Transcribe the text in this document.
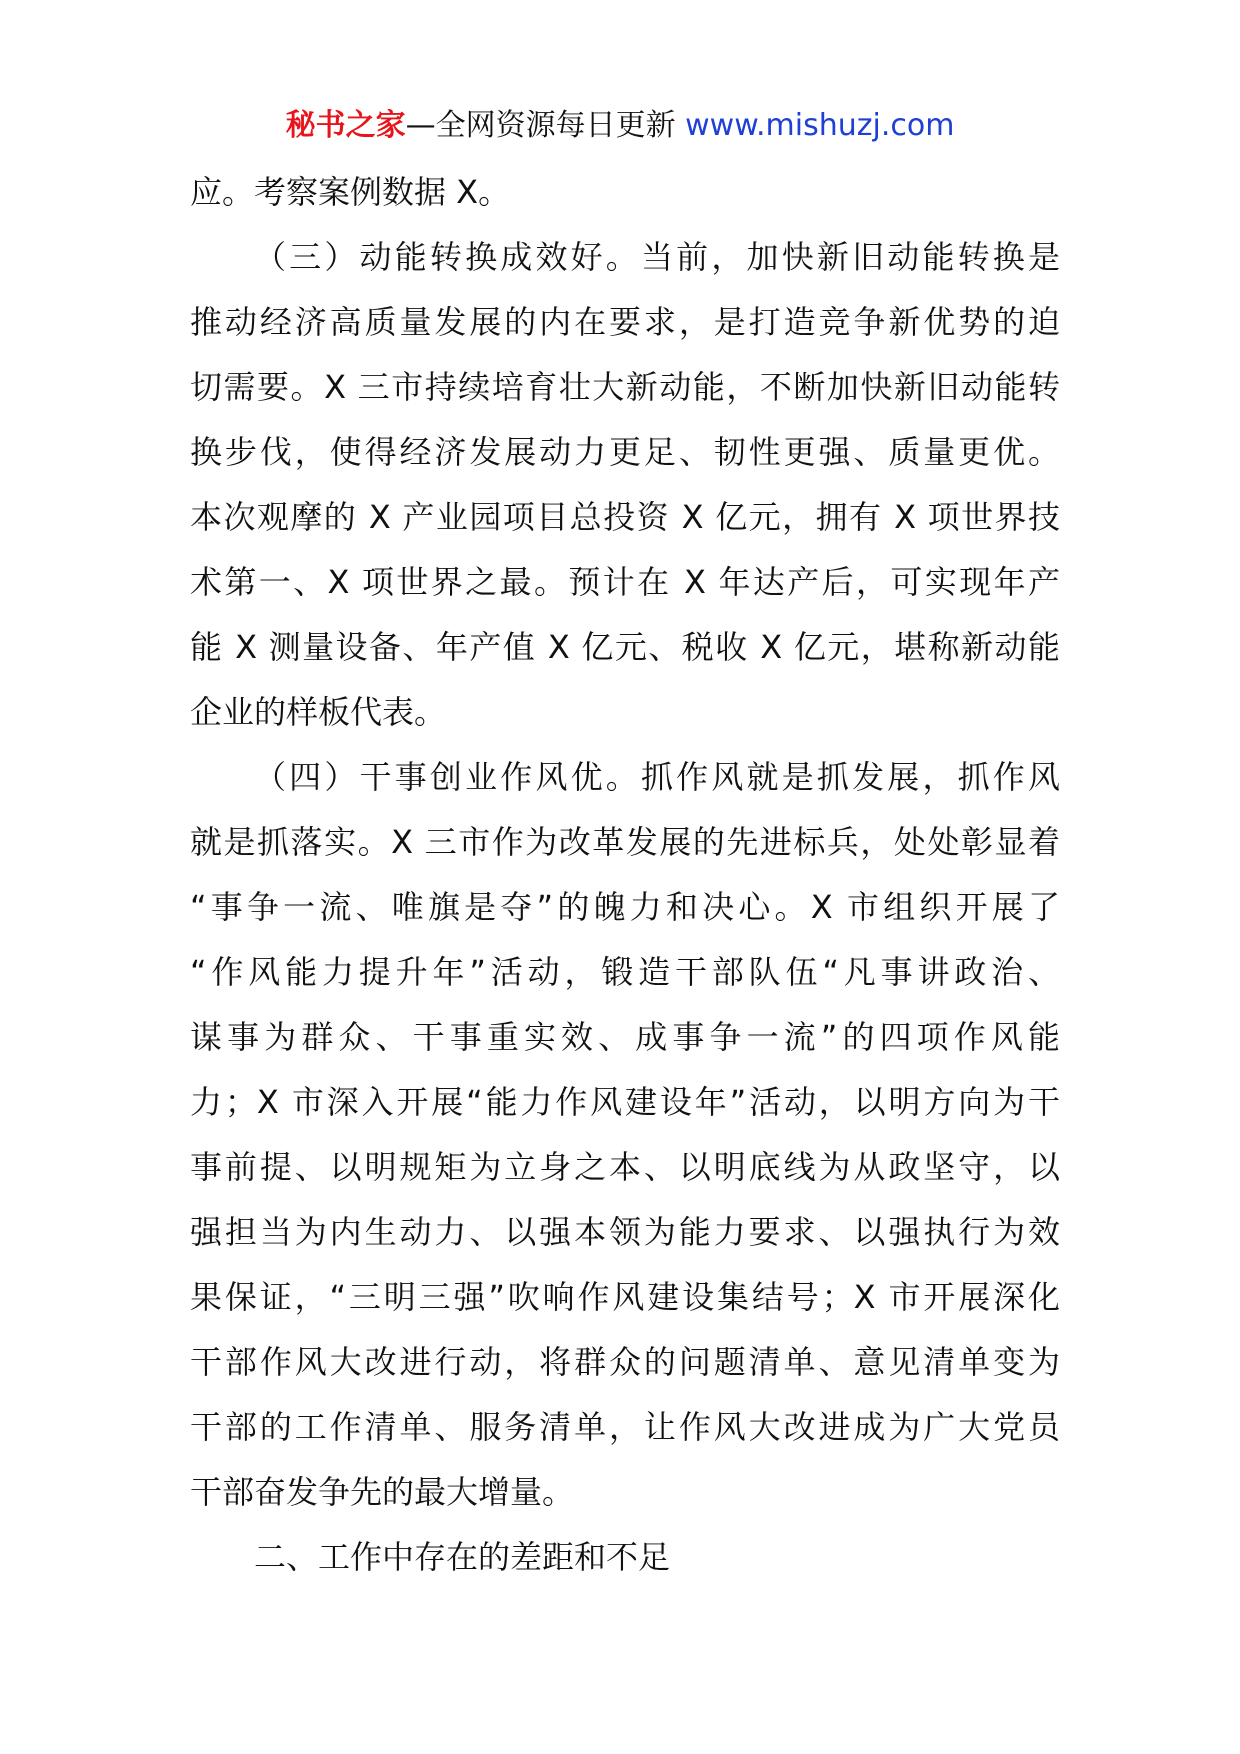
秘书之家—全网资源每日更新 www.mishuzj.com
应。考察案例数据 X。
（三）动能转换成效好。当前，加快新旧动能转换是
推动经济高质量发展的内在要求，是打造竞争新优势的迫
切需要。X 三市持续培育壮大新动能，不断加快新旧动能转
换步伐，使得经济发展动力更足、韧性更强、质量更优。
本次观摩的 X 产业园项目总投资 X 亿元，拥有 X 项世界技
术第一、X 项世界之最。预计在 X 年达产后，可实现年产
能 X 测量设备、年产值 X 亿元、税收 X 亿元，堪称新动能
企业的样板代表。
（四）干事创业作风优。抓作风就是抓发展，抓作风
就是抓落实。X 三市作为改革发展的先进标兵，处处彰显着
“事争一流、唯旗是夺”的魄力和决心。X 市组织开展了
“作风能力提升年”活动，锻造干部队伍“凡事讲政治、
谋事为群众、干事重实效、成事争一流”的四项作风能
力；X 市深入开展“能力作风建设年”活动，以明方向为干
事前提、以明规矩为立身之本、以明底线为从政坚守，以
强担当为内生动力、以强本领为能力要求、以强执行为效
果保证，“三明三强”吹响作风建设集结号；X 市开展深化
干部作风大改进行动，将群众的问题清单、意见清单变为
干部的工作清单、服务清单，让作风大改进成为广大党员
干部奋发争先的最大增量。
二、工作中存在的差距和不足
